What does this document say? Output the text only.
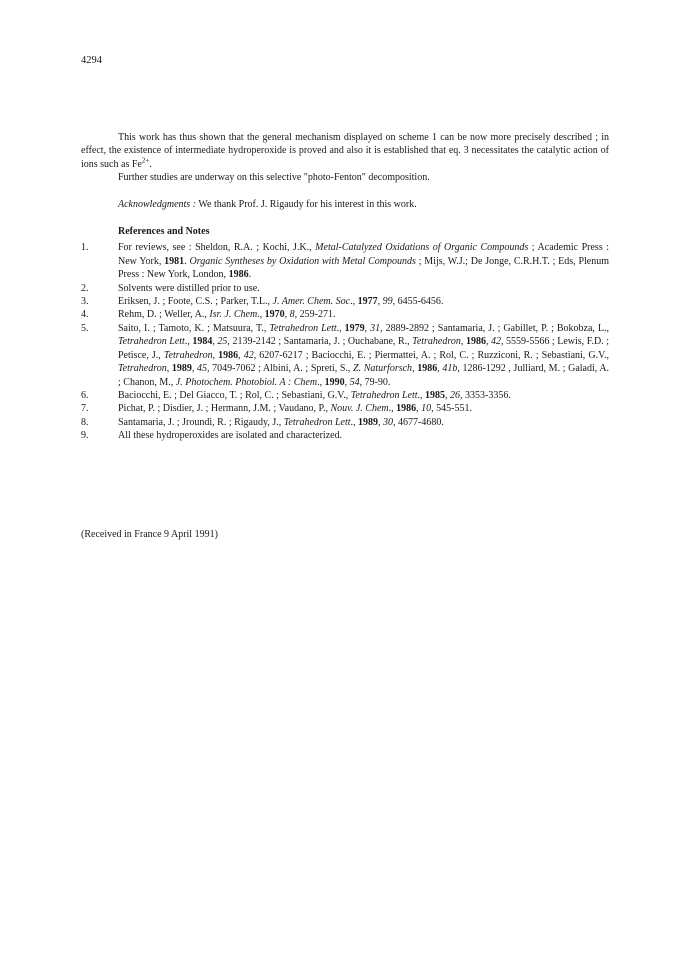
4294

This work has thus shown that the general mechanism displayed on scheme 1 can be now more precisely described ; in effect, the existence of intermediate hydroperoxide is proved and also it is established that eq. 3 necessitates the catalytic action of ions such as $Fe^{2+}$.

Further studies are underway on this selective "photo-Fenton" decomposition.

Acknowledgments : We thank Prof. J. Rigaudy for his interest in this work.

References and Notes
1.	For reviews, see : Sheldon, R.A. ; Kochi, J.K., Metal-Catalyzed Oxidations of Organic Compounds ; Academic Press : New York, 1981. Organic Syntheses by Oxidation with Metal Compounds ; Mijs, W.J.; De Jonge, C.R.H.T. ; Eds, Plenum Press : New York, London, 1986.
2.	Solvents were distilled prior to use.
3.	Eriksen, J. ; Foote, C.S. ; Parker, T.L., J. Amer. Chem. Soc., 1977, 99, 6455-6456.
4.	Rehm, D. ; Weller, A., Isr. J. Chem., 1970, 8, 259-271.
5.	Saito, I. ; Tamoto, K. ; Matsuura, T., Tetrahedron Lett., 1979, 31, 2889-2892 ; Santamaria, J. ; Gabillet, P. ; Bokobza, L., Tetrahedron Lett., 1984, 25, 2139-2142 ; Santamaria, J. ; Ouchabane, R., Tetrahedron, 1986, 42, 5559-5566 ; Lewis, F.D. ; Petisce, J., Tetrahedron, 1986, 42, 6207-6217 ; Baciocchi, E. ; Piermattei, A. ; Rol, C. ; Ruzziconi, R. ; Sebastiani, G.V., Tetrahedron, 1989, 45, 7049-7062 ; Albini, A. ; Spreti, S., Z. Naturforsch, 1986, 41b, 1286-1292 , Julliard, M. ; Galadi, A. ; Chanon, M., J. Photochem. Photobiol. A : Chem., 1990, 54, 79-90.
6.	Baciocchi, E. ; Del Giacco, T. ; Rol, C. ; Sebastiani, G.V., Tetrahedron Lett., 1985, 26, 3353-3356.
7.	Pichat, P. ; Disdier, J. ; Hermann, J.M. ; Vaudano, P., Nouv. J. Chem., 1986, 10, 545-551.
8.	Santamaria, J. ; Jroundi, R. ; Rigaudy, J., Tetrahedron Lett., 1989, 30, 4677-4680.
9.	All these hydroperoxides are isolated and characterized.
(Received in France 9 April 1991)
